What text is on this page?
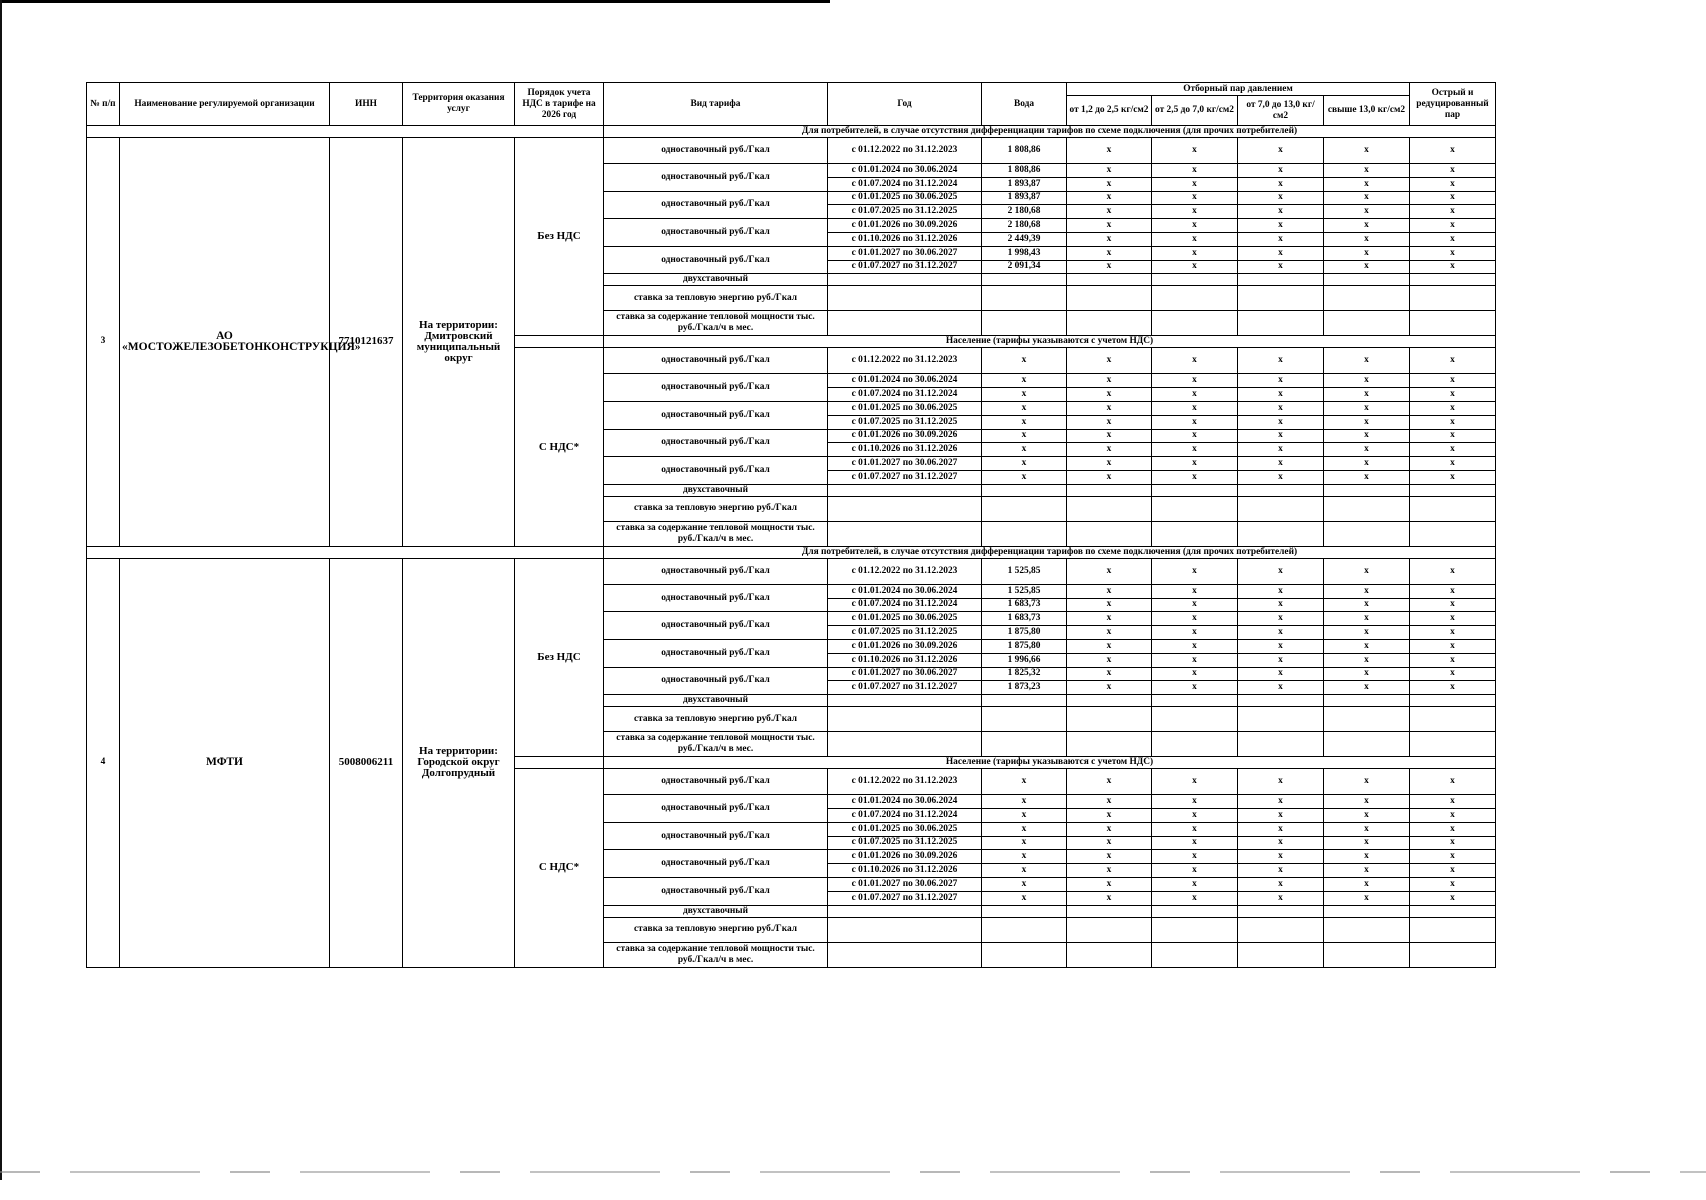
№ п/п	Наименование регулируемой организации	ИНН	Территория оказания услуг	Порядок учета НДС в тарифе на 2026 год	Вид тарифа	Год	Вода	Отборный пар давлением				Острый и редуцированный пар
								от 1,2 до 2,5 кг/см2	от 2,5 до 7,0 кг/см2	от 7,0 до 13,0 кг/см2	свыше 13,0 кг/см2	
					Для потребителей, в случае отсутствия дифференциации тарифов по схеме подключения (для прочих потребителей)							
3	АО «МОСТОЖЕЛЕЗОБЕТОНКОНСТРУКЦИЯ»	7710121637	На территории: Дмитровский муниципальный округ	Без НДС	одноставочный руб./Гкал	с 01.12.2022 по 31.12.2023	1 808,86	х	х	х	х	х
					одноставочный руб./Гкал	с 01.01.2024 по 30.06.2024	1 808,86	х	х	х	х	х
						с 01.07.2024 по 31.12.2024	1 893,87	х	х	х	х	х
					одноставочный руб./Гкал	с 01.01.2025 по 30.06.2025	1 893,87	х	х	х	х	х
						с 01.07.2025 по 31.12.2025	2 180,68	х	х	х	х	х
					одноставочный руб./Гкал	с 01.01.2026 по 30.09.2026	2 180,68	х	х	х	х	х
						с 01.10.2026 по 31.12.2026	2 449,39	х	х	х	х	х
					одноставочный руб./Гкал	с 01.01.2027 по 30.06.2027	1 998,43	х	х	х	х	х
						с 01.07.2027 по 31.12.2027	2 091,34	х	х	х	х	х
					двухставочный							
					ставка за тепловую энергию руб./Гкал							
					ставка за содержание тепловой мощности тыс. руб./Гкал/ч в мес.							
					Население (тарифы указываются с учетом НДС)							
				С НДС*	одноставочный руб./Гкал	с 01.12.2022 по 31.12.2023	х	х	х	х	х	х
					одноставочный руб./Гкал	с 01.01.2024 по 30.06.2024	х	х	х	х	х	х
						с 01.07.2024 по 31.12.2024	х	х	х	х	х	х
					одноставочный руб./Гкал	с 01.01.2025 по 30.06.2025	х	х	х	х	х	х
						с 01.07.2025 по 31.12.2025	х	х	х	х	х	х
					одноставочный руб./Гкал	с 01.01.2026 по 30.09.2026	х	х	х	х	х	х
						с 01.10.2026 по 31.12.2026	х	х	х	х	х	х
					одноставочный руб./Гкал	с 01.01.2027 по 30.06.2027	х	х	х	х	х	х
						с 01.07.2027 по 31.12.2027	х	х	х	х	х	х
					двухставочный							
					ставка за тепловую энергию руб./Гкал							
					ставка за содержание тепловой мощности тыс. руб./Гкал/ч в мес.							
					Для потребителей, в случае отсутствия дифференциации тарифов по схеме подключения (для прочих потребителей)							
4	МФТИ	5008006211	На территории: Городской округ Долгопрудный	Без НДС	одноставочный руб./Гкал	с 01.12.2022 по 31.12.2023	1 525,85	х	х	х	х	х
					одноставочный руб./Гкал	с 01.01.2024 по 30.06.2024	1 525,85	х	х	х	х	х
						с 01.07.2024 по 31.12.2024	1 683,73	х	х	х	х	х
					одноставочный руб./Гкал	с 01.01.2025 по 30.06.2025	1 683,73	х	х	х	х	х
						с 01.07.2025 по 31.12.2025	1 875,80	х	х	х	х	х
					одноставочный руб./Гкал	с 01.01.2026 по 30.09.2026	1 875,80	х	х	х	х	х
						с 01.10.2026 по 31.12.2026	1 996,66	х	х	х	х	х
					одноставочный руб./Гкал	с 01.01.2027 по 30.06.2027	1 825,32	х	х	х	х	х
						с 01.07.2027 по 31.12.2027	1 873,23	х	х	х	х	х
					двухставочный							
					ставка за тепловую энергию руб./Гкал							
					ставка за содержание тепловой мощности тыс. руб./Гкал/ч в мес.							
					Население (тарифы указываются с учетом НДС)							
				С НДС*	одноставочный руб./Гкал	с 01.12.2022 по 31.12.2023	х	х	х	х	х	х
					одноставочный руб./Гкал	с 01.01.2024 по 30.06.2024	х	х	х	х	х	х
						с 01.07.2024 по 31.12.2024	х	х	х	х	х	х
					одноставочный руб./Гкал	с 01.01.2025 по 30.06.2025	х	х	х	х	х	х
						с 01.07.2025 по 31.12.2025	х	х	х	х	х	х
					одноставочный руб./Гкал	с 01.01.2026 по 30.09.2026	х	х	х	х	х	х
						с 01.10.2026 по 31.12.2026	х	х	х	х	х	х
					одноставочный руб./Гкал	с 01.01.2027 по 30.06.2027	х	х	х	х	х	х
						с 01.07.2027 по 31.12.2027	х	х	х	х	х	х
					двухставочный							
					ставка за тепловую энергию руб./Гкал							
					ставка за содержание тепловой мощности тыс. руб./Гкал/ч в мес.							
